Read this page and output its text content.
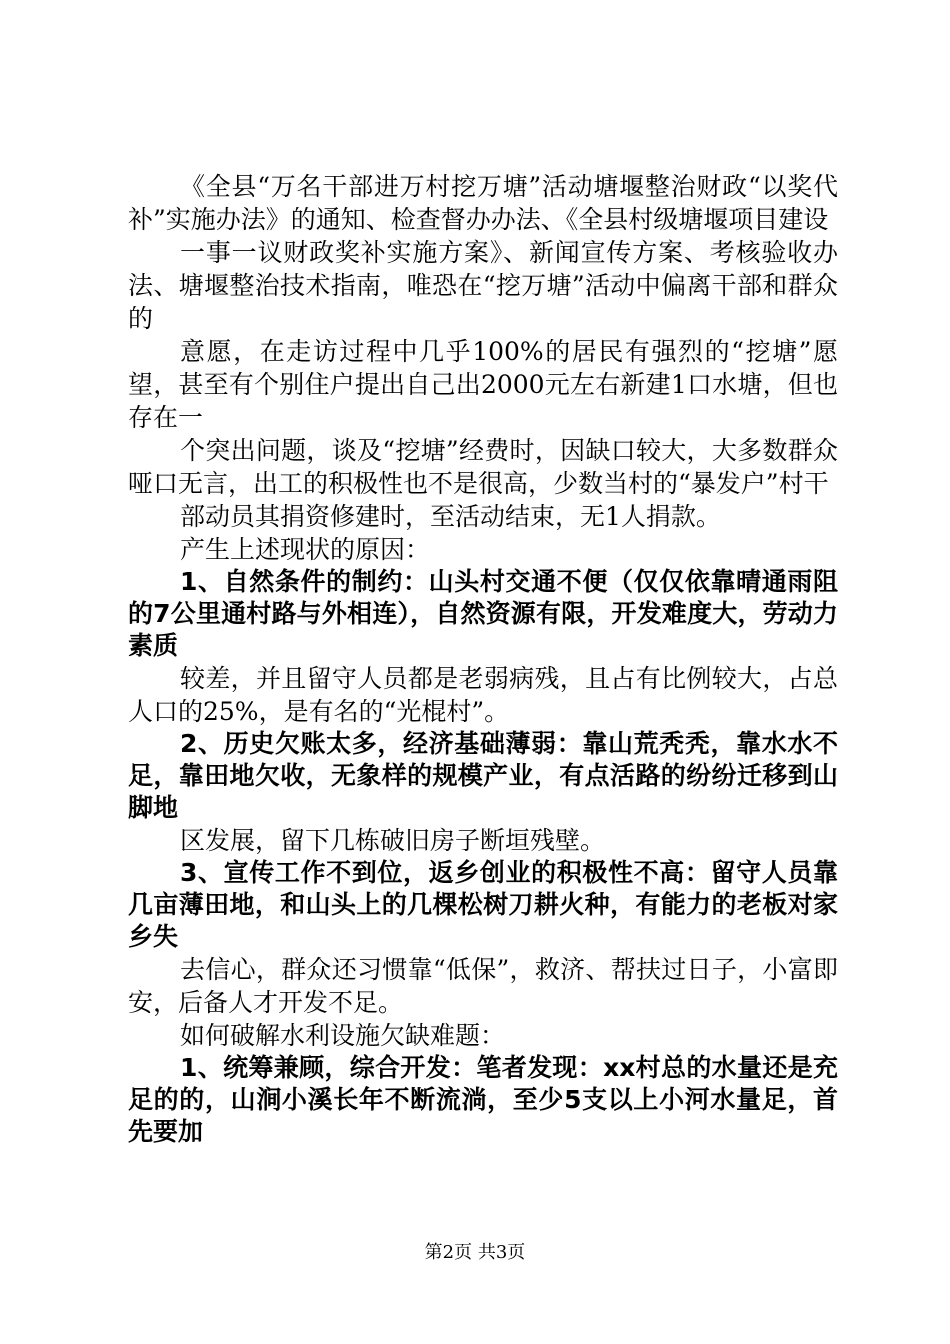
《全县“万名干部进万村挖万塘”活动塘堰整治财政“以奖代补”实施办法》的通知、检查督办办法、《全县村级塘堰项目建设

一事一议财政奖补实施方案》、新闻宣传方案、考核验收办法、塘堰整治技术指南，唯恐在“挖万塘”活动中偏离干部和群众的

意愿，在走访过程中几乎100%的居民有强烈的“挖塘”愿望，甚至有个别住户提出自己出2000元左右新建1口水塘，但也存在一

个突出问题，谈及“挖塘”经费时，因缺口较大，大多数群众哑口无言，出工的积极性也不是很高，少数当村的“暴发户”村干

部动员其捐资修建时，至活动结束，无1人捐款。

产生上述现状的原因：

1、自然条件的制约：山头村交通不便（仅仅依靠晴通雨阻的7公里通村路与外相连），自然资源有限，开发难度大，劳动力素质

较差，并且留守人员都是老弱病残，且占有比例较大，占总人口的25%，是有名的“光棍村”。

2、历史欠账太多，经济基础薄弱：靠山荒秃秃，靠水水不足，靠田地欠收，无象样的规模产业，有点活路的纷纷迁移到山脚地

区发展，留下几栋破旧房子断垣残壁。

3、宣传工作不到位，返乡创业的积极性不高：留守人员靠几亩薄田地，和山头上的几棵松树刀耕火种，有能力的老板对家乡失

去信心，群众还习惯靠“低保”，救济、帮扶过日子，小富即安，后备人才开发不足。

如何破解水利设施欠缺难题：

1、统筹兼顾，综合开发：笔者发现：xx村总的水量还是充足的的，山涧小溪长年不断流淌，至少5支以上小河水量足，首先要加

第2页 共3页
